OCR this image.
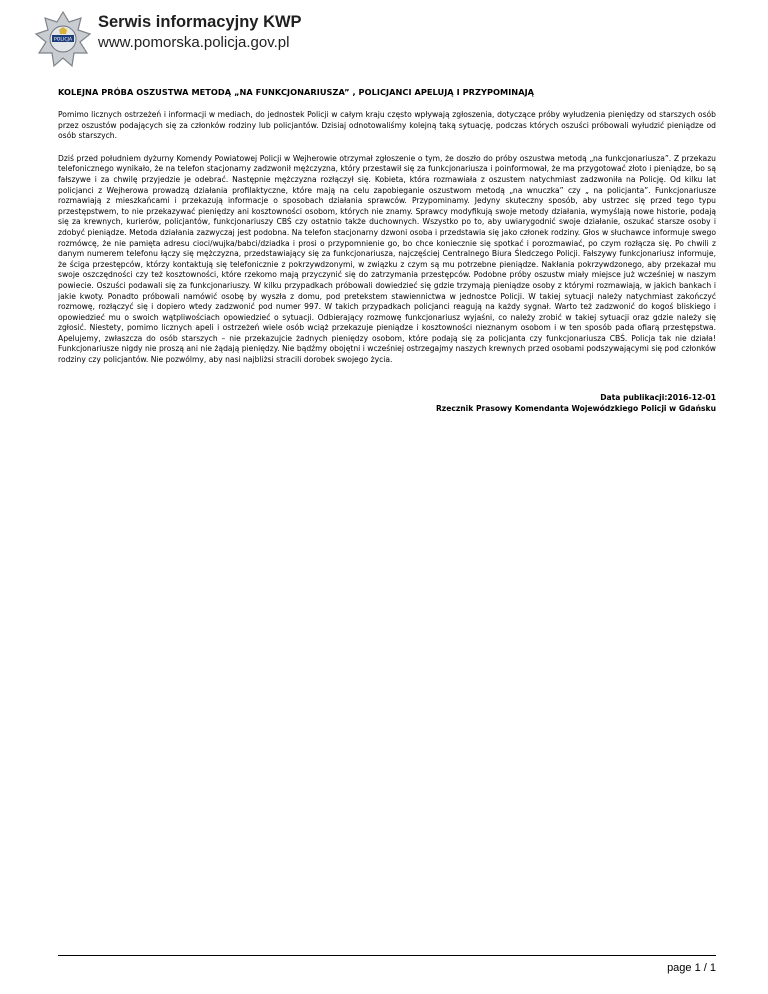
POLICJA
Serwis informacyjny KWP
www.pomorska.policja.gov.pl
KOLEJNA PRÓBA OSZUSTWA METODĄ „NA FUNKCJONARIUSZA” , POLICJANCI APELUJĄ I PRZYPOMINAJĄ

Pomimo licznych ostrzeżeń i informacji w mediach, do jednostek Policji w całym kraju często wpływają zgłoszenia, dotyczące próby wyłudzenia pieniędzy od starszych osób przez oszustów podających się za członków rodziny lub policjantów. Dzisiaj odnotowaliśmy kolejną taką sytuację, podczas których oszuści próbowali wyłudzić pieniądze od osób starszych.

Dziś przed południem dyżurny Komendy Powiatowej Policji w Wejherowie otrzymał zgłoszenie o tym, że doszło do próby oszustwa metodą „na funkcjonariusza”. Z przekazu telefonicznego wynikało, że na telefon stacjonarny zadzwonił mężczyzna, który przestawił się za funkcjonariusza i poinformował, że ma przygotować złoto i pieniądze, bo są fałszywe i za chwilę przyjedzie je odebrać. Następnie mężczyzna rozłączył się. Kobieta, która rozmawiała z oszustem natychmiast zadzwoniła na Policję. Od kilku lat policjanci z Wejherowa prowadzą działania profilaktyczne, które mają na celu zapobieganie oszustwom metodą „na wnuczka” czy „ na policjanta”. Funkcjonariusze rozmawiają z mieszkańcami i przekazują informacje o sposobach działania sprawców. Przypominamy. Jedyny skuteczny sposób, aby ustrzec się przed tego typu przestępstwem, to nie przekazywać pieniędzy ani kosztowności osobom, których nie znamy. Sprawcy modyfikują swoje metody działania, wymyślają nowe historie, podają się za krewnych, kurierów, policjantów, funkcjonariuszy CBŚ czy ostatnio także duchownych. Wszystko po to, aby uwiarygodnić swoje działanie, oszukać starsze osoby i zdobyć pieniądze. Metoda działania zazwyczaj jest podobna. Na telefon stacjonarny dzwoni osoba i przedstawia się jako członek rodziny. Głos w słuchawce informuje swego rozmówcę, że nie pamięta adresu cioci/wujka/babci/dziadka i prosi o przypomnienie go, bo chce koniecznie się spotkać i porozmawiać, po czym rozłącza się. Po chwili z danym numerem telefonu łączy się mężczyzna, przedstawiający się za funkcjonariusza, najczęściej Centralnego Biura Śledczego Policji. Fałszywy funkcjonariusz informuje, że ściga przestępców, którzy kontaktują się telefonicznie z pokrzywdzonymi, w związku z czym są mu potrzebne pieniądze. Nakłania pokrzywdzonego, aby przekazał mu swoje oszczędności czy też kosztowności, które rzekomo mają przyczynić się do zatrzymania przestępców. Podobne próby oszustw miały miejsce już wcześniej w naszym powiecie. Oszuści podawali się za funkcjonariuszy. W kilku przypadkach próbowali dowiedzieć się gdzie trzymają pieniądze osoby z którymi rozmawiają, w jakich bankach i jakie kwoty. Ponadto próbowali namówić osobę by wyszła z domu, pod pretekstem stawiennictwa w jednostce Policji. W takiej sytuacji należy natychmiast zakończyć rozmowę, rozłączyć się i dopiero wtedy zadzwonić pod numer 997. W takich przypadkach policjanci reagują na każdy sygnał. Warto też zadzwonić do kogoś bliskiego i opowiedzieć mu o swoich wątpliwościach opowiedzieć o sytuacji. Odbierający rozmowę funkcjonariusz wyjaśni, co należy zrobić w takiej sytuacji oraz gdzie należy się zgłosić. Niestety, pomimo licznych apeli i ostrzeżeń wiele osób wciąż przekazuje pieniądze i kosztowności nieznanym osobom i w ten sposób pada ofiarą przestępstwa. Apelujemy, zwłaszcza do osób starszych – nie przekazujcie żadnych pieniędzy osobom, które podają się za policjanta czy funkcjonariusza CBŚ. Policja tak nie działa! Funkcjonariusze nigdy nie proszą ani nie żądają pieniędzy. Nie bądźmy obojętni i wcześniej ostrzegajmy naszych krewnych przed osobami podszywającymi się pod członków rodziny czy policjantów. Nie pozwólmy, aby nasi najbliżsi stracili dorobek swojego życia.

Data publikacji:2016-12-01
Rzecznik Prasowy Komendanta Wojewódzkiego Policji w Gdańsku
page 1 / 1
